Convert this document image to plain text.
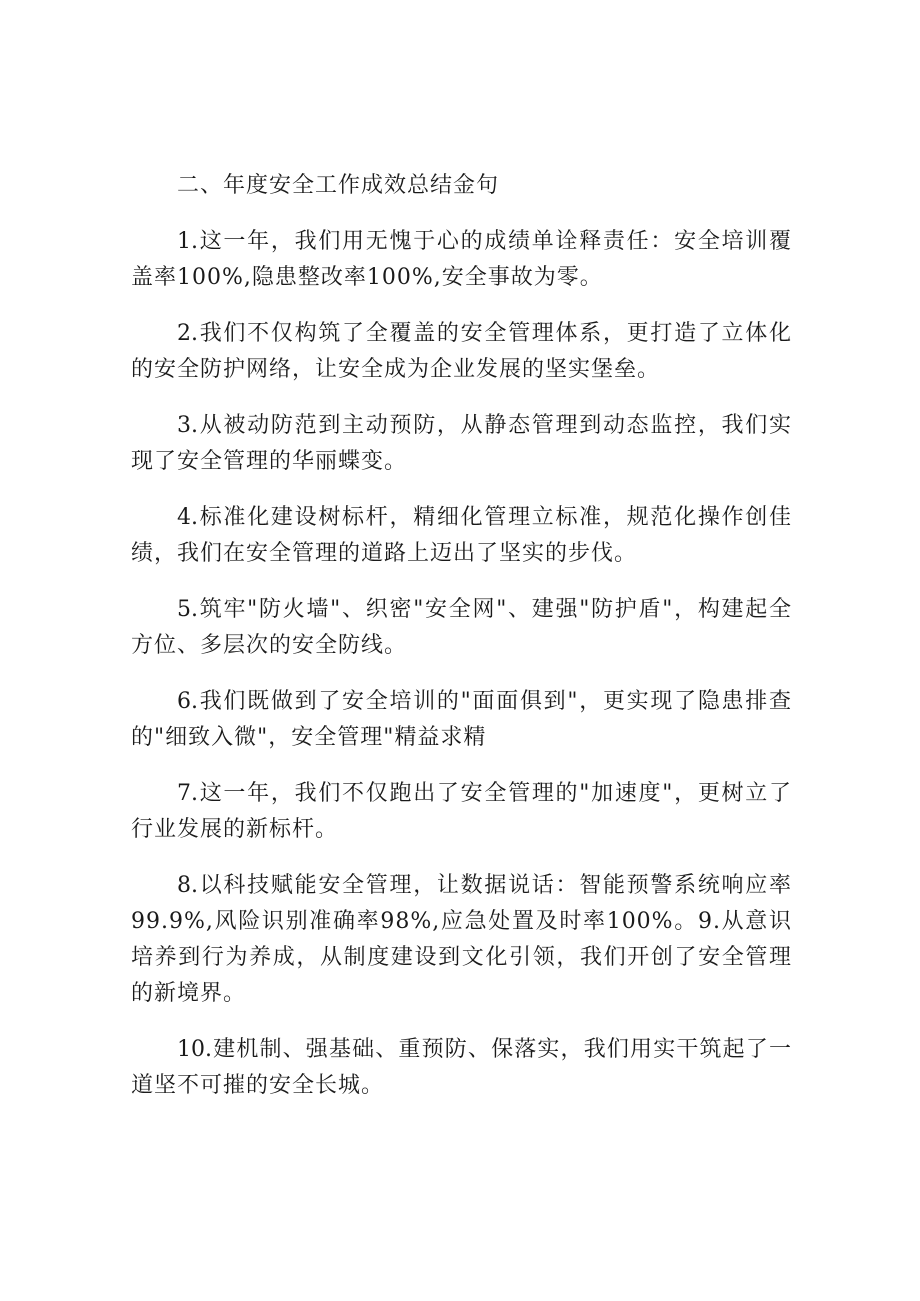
二、年度安全工作成效总结金句

1.这一年，我们用无愧于心的成绩单诠释责任：安全培训覆盖率100%,隐患整改率100%,安全事故为零。

2.我们不仅构筑了全覆盖的安全管理体系，更打造了立体化的安全防护网络，让安全成为企业发展的坚实堡垒。

3.从被动防范到主动预防，从静态管理到动态监控，我们实现了安全管理的华丽蝶变。

4.标准化建设树标杆，精细化管理立标准，规范化操作创佳绩，我们在安全管理的道路上迈出了坚实的步伐。

5.筑牢"防火墙"、织密"安全网"、建强"防护盾"，构建起全方位、多层次的安全防线。

6.我们既做到了安全培训的"面面俱到"，更实现了隐患排查的"细致入微"，安全管理"精益求精

7.这一年，我们不仅跑出了安全管理的"加速度"，更树立了行业发展的新标杆。

8.以科技赋能安全管理，让数据说话：智能预警系统响应率99.9%,风险识别准确率98%,应急处置及时率100%。9.从意识培养到行为养成，从制度建设到文化引领，我们开创了安全管理的新境界。

10.建机制、强基础、重预防、保落实，我们用实干筑起了一道坚不可摧的安全长城。
